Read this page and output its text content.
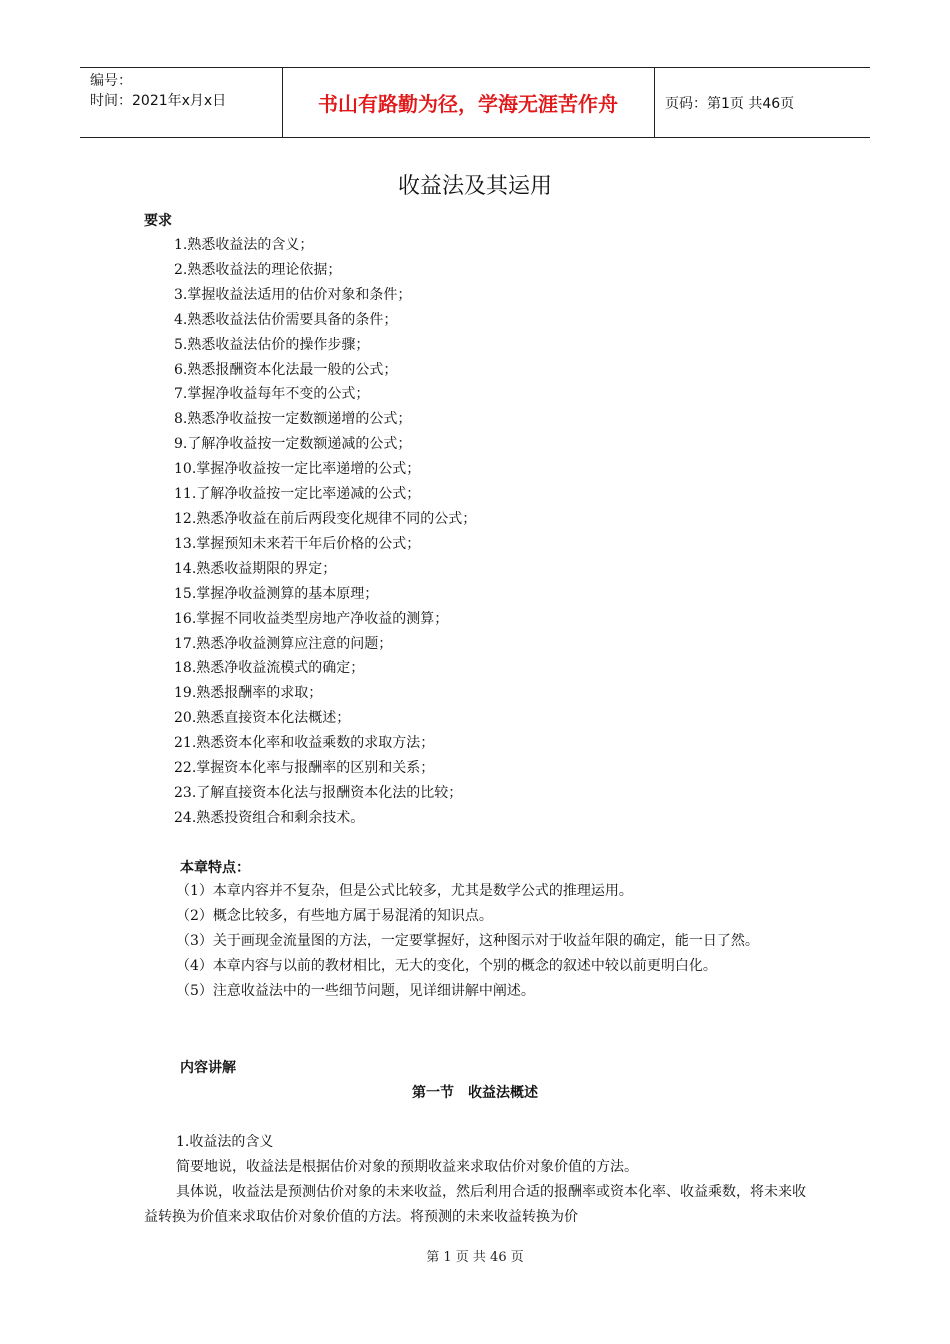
编号：
时间：2021年x月x日	书山有路勤为径，学海无涯苦作舟	页码：第1页 共46页
收益法及其运用
要求
1.熟悉收益法的含义；
2.熟悉收益法的理论依据；
3.掌握收益法适用的估价对象和条件；
4.熟悉收益法估价需要具备的条件；
5.熟悉收益法估价的操作步骤；
6.熟悉报酬资本化法最一般的公式；
7.掌握净收益每年不变的公式；
8.熟悉净收益按一定数额递增的公式；
9.了解净收益按一定数额递减的公式；
10.掌握净收益按一定比率递增的公式；
11.了解净收益按一定比率递减的公式；
12.熟悉净收益在前后两段变化规律不同的公式；
13.掌握预知未来若干年后价格的公式；
14.熟悉收益期限的界定；
15.掌握净收益测算的基本原理；
16.掌握不同收益类型房地产净收益的测算；
17.熟悉净收益测算应注意的问题；
18.熟悉净收益流模式的确定；
19.熟悉报酬率的求取；
20.熟悉直接资本化法概述；
21.熟悉资本化率和收益乘数的求取方法；
22.掌握资本化率与报酬率的区别和关系；
23.了解直接资本化法与报酬资本化法的比较；
24.熟悉投资组合和剩余技术。
本章特点：

（1）本章内容并不复杂，但是公式比较多，尤其是数学公式的推理运用。

（2）概念比较多，有些地方属于易混淆的知识点。

（3）关于画现金流量图的方法，一定要掌握好，这种图示对于收益年限的确定，能一日了然。

（4）本章内容与以前的教材相比，无大的变化，个别的概念的叙述中较以前更明白化。

（5）注意收益法中的一些细节问题，见详细讲解中阐述。

内容讲解
第一节　收益法概述
1.收益法的含义

简要地说，收益法是根据估价对象的预期收益来求取估价对象价值的方法。

具体说，收益法是预测估价对象的未来收益，然后利用合适的报酬率或资本化率、收益乘数，将未来收益转换为价值来求取估价对象价值的方法。将预测的未来收益转换为价

第 1 页 共 46 页
